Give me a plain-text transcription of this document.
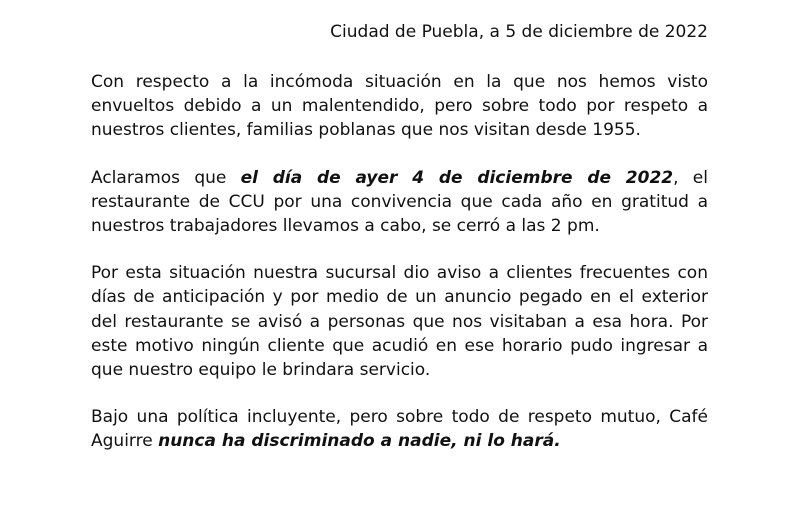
Ciudad de Puebla, a 5 de diciembre de 2022

Con respecto a la incómoda situación en la que nos hemos visto envueltos debido a un malentendido, pero sobre todo por respeto a nuestros clientes, familias poblanas que nos visitan desde 1955.

Aclaramos que el día de ayer 4 de diciembre de 2022, el restaurante de CCU por una convivencia que cada año en gratitud a nuestros trabajadores llevamos a cabo, se cerró a las 2 pm.

Por esta situación nuestra sucursal dio aviso a clientes frecuentes con días de anticipación y por medio de un anuncio pegado en el exterior del restaurante se avisó a personas que nos visitaban a esa hora. Por este motivo ningún cliente que acudió en ese horario pudo ingresar a que nuestro equipo le brindara servicio.

Bajo una política incluyente, pero sobre todo de respeto mutuo, Café Aguirre nunca ha discriminado a nadie, ni lo hará.
